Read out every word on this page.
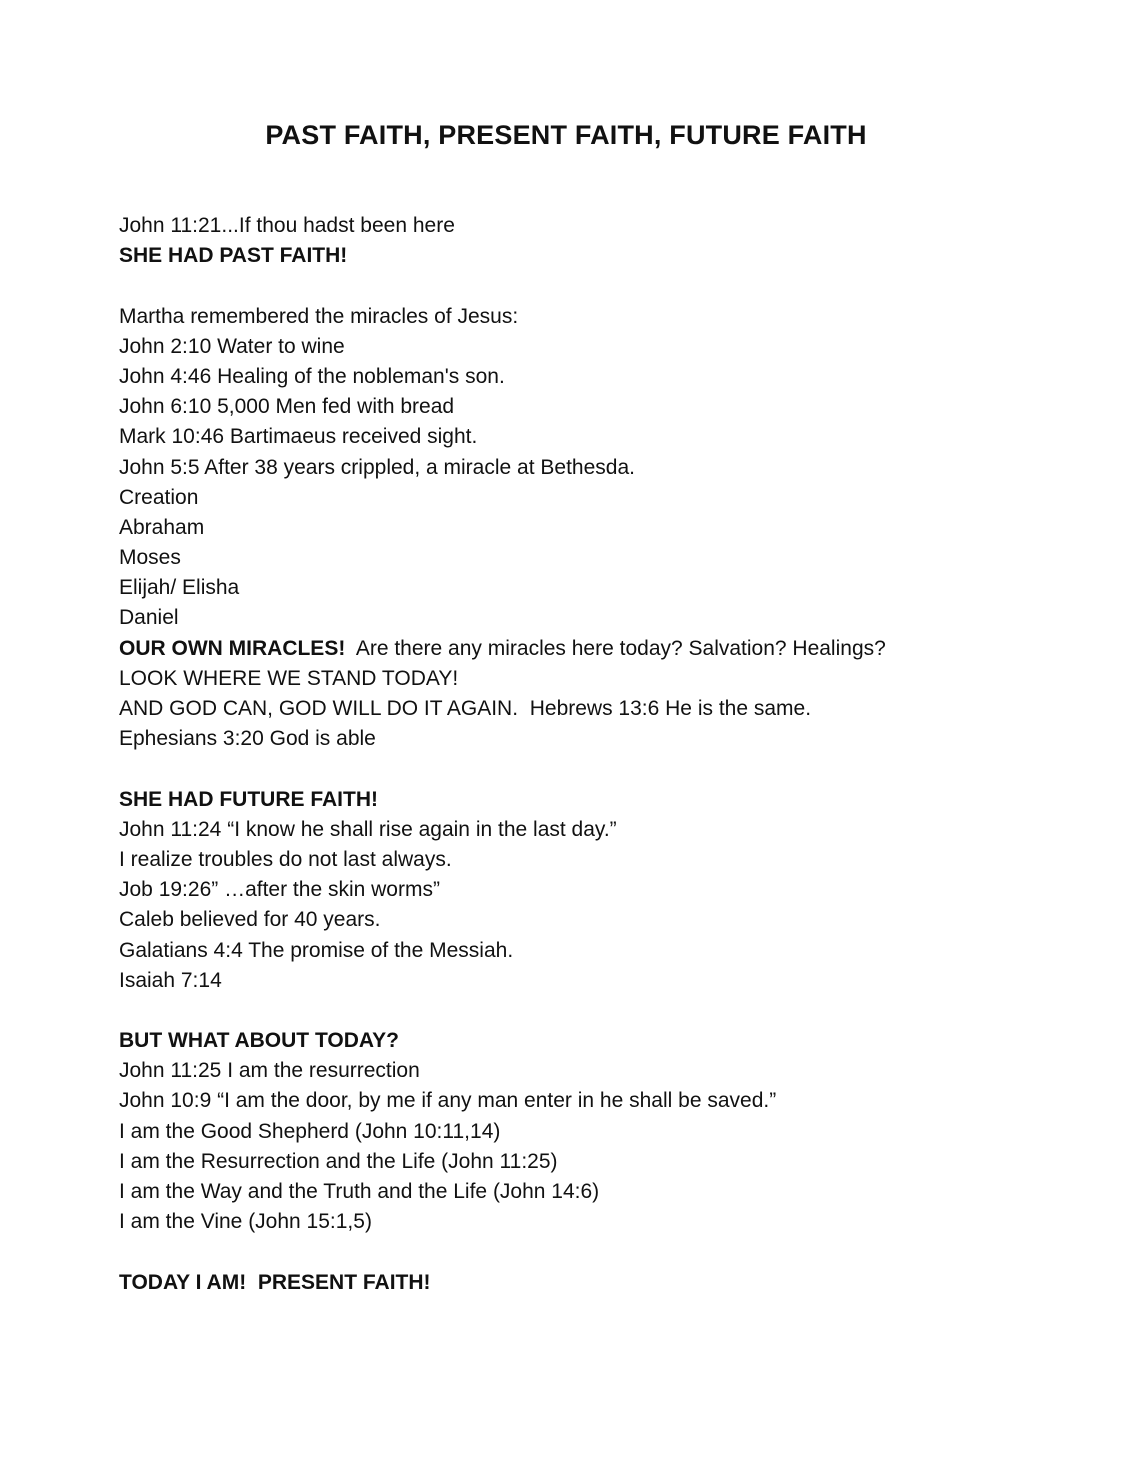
PAST FAITH, PRESENT FAITH, FUTURE FAITH
John 11:21...If thou hadst been here
SHE HAD PAST FAITH!
Martha remembered the miracles of Jesus:
John 2:10 Water to wine
John 4:46 Healing of the nobleman's son.
John 6:10 5,000 Men fed with bread
Mark 10:46 Bartimaeus received sight.
John 5:5 After 38 years crippled, a miracle at Bethesda.
Creation
Abraham
Moses
Elijah/ Elisha
Daniel
OUR OWN MIRACLES!  Are there any miracles here today? Salvation? Healings?
LOOK WHERE WE STAND TODAY!
AND GOD CAN, GOD WILL DO IT AGAIN.  Hebrews 13:6 He is the same.
Ephesians 3:20 God is able
SHE HAD FUTURE FAITH!
John 11:24 “I know he shall rise again in the last day.”
I realize troubles do not last always.
Job 19:26” …after the skin worms”
Caleb believed for 40 years.
Galatians 4:4 The promise of the Messiah.
Isaiah 7:14
BUT WHAT ABOUT TODAY?
John 11:25 I am the resurrection
John 10:9 “I am the door, by me if any man enter in he shall be saved.”
I am the Good Shepherd (John 10:11,14)
I am the Resurrection and the Life (John 11:25)
I am the Way and the Truth and the Life (John 14:6)
I am the Vine (John 15:1,5)
TODAY I AM!  PRESENT FAITH!
